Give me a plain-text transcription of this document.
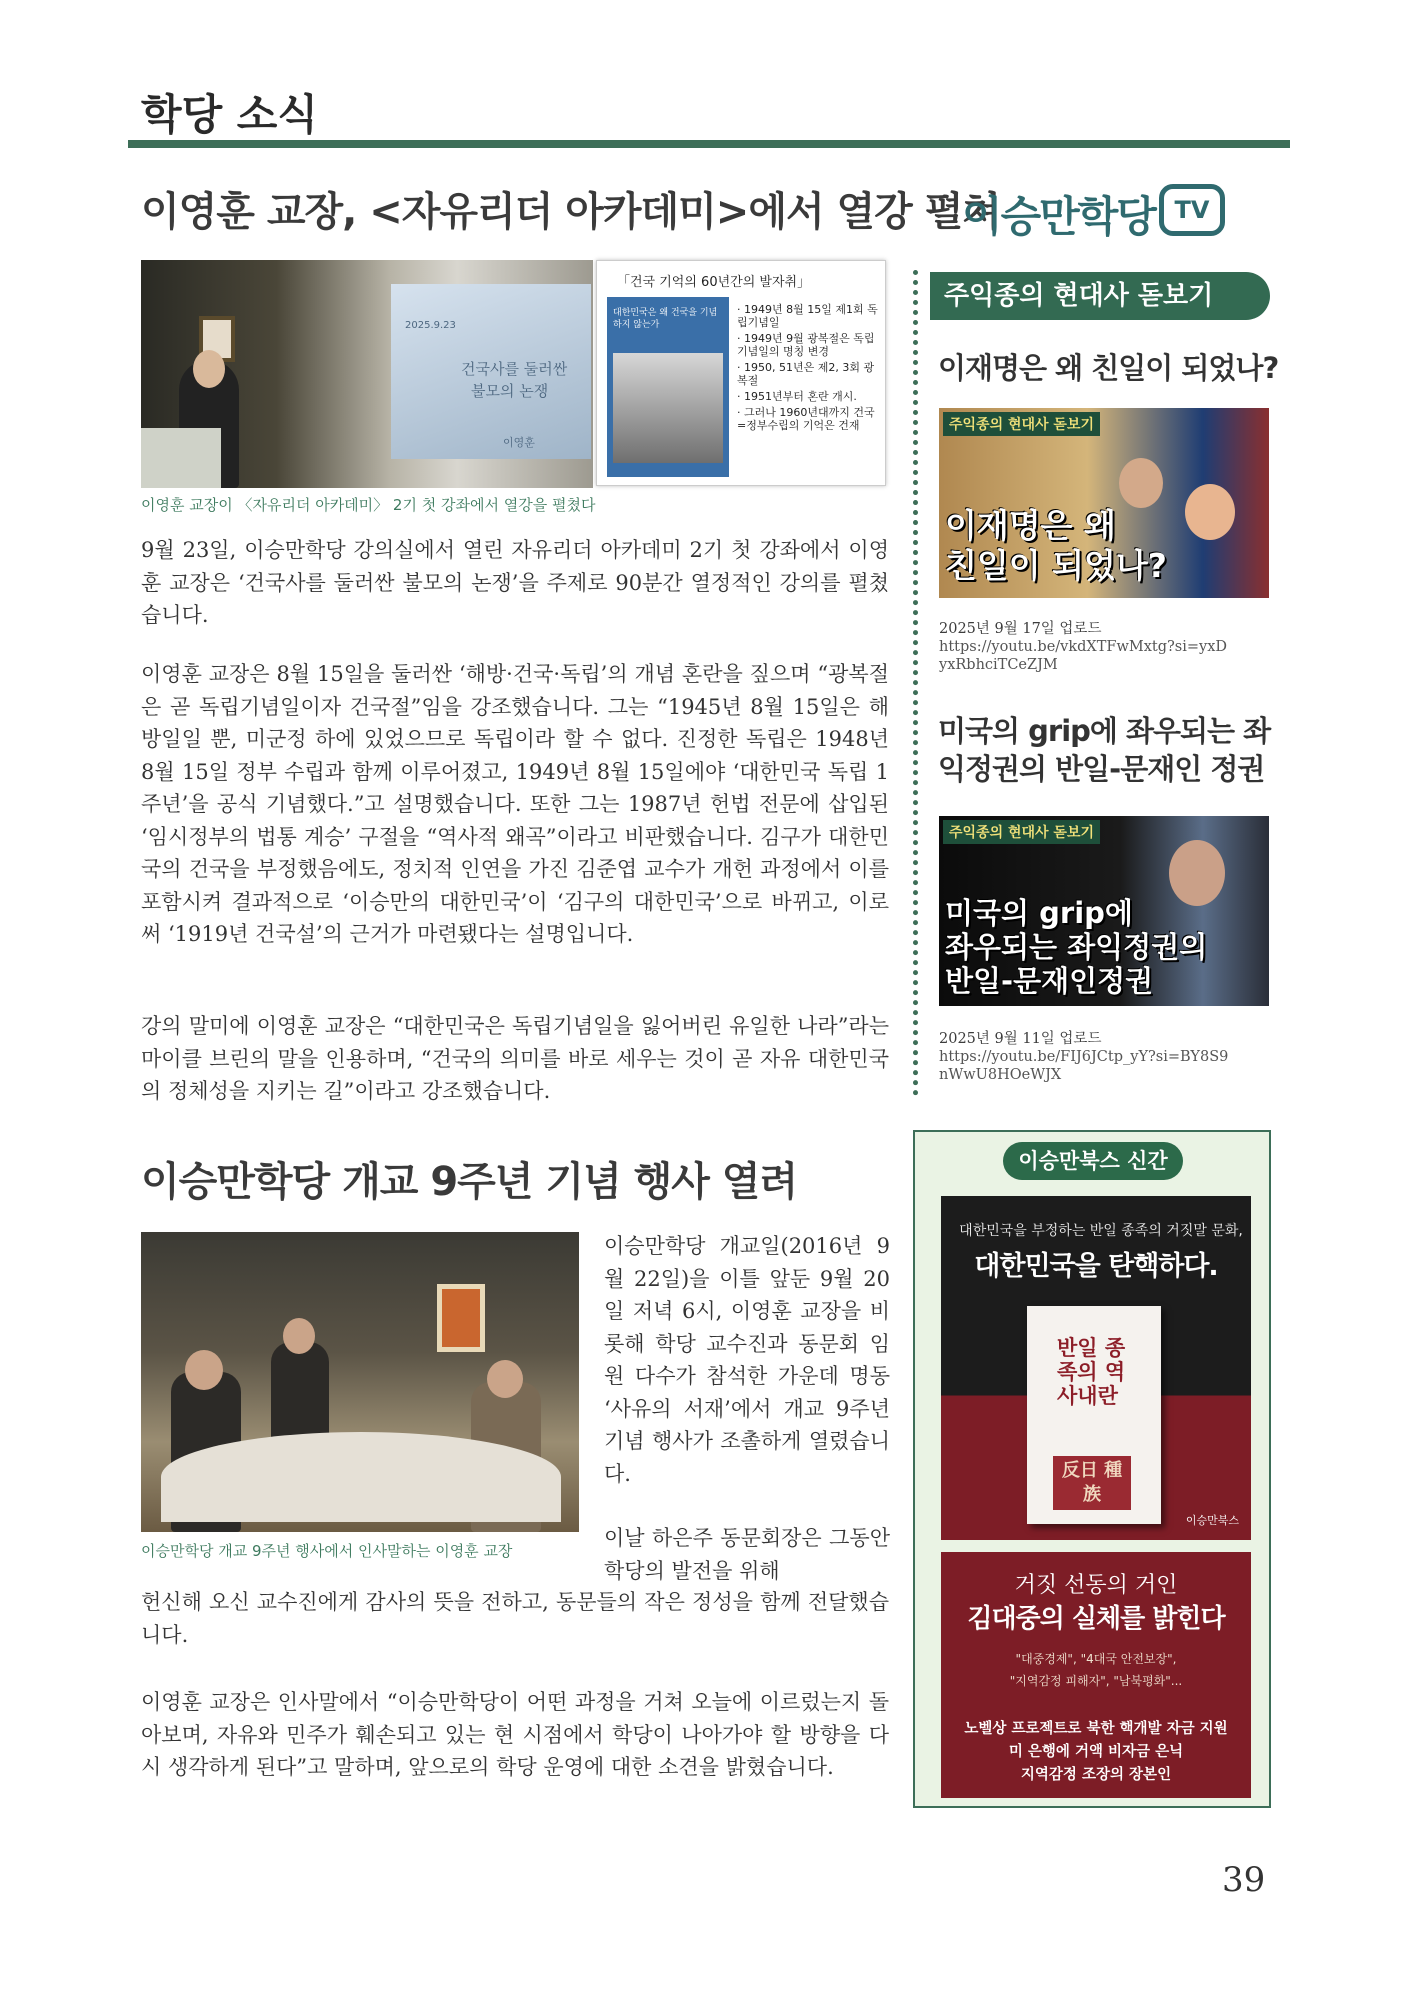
학당 소식
이영훈 교장, <자유리더 아카데미>에서 열강 펼쳐
2025.9.23
건국사를 둘러싼
불모의 논쟁
이영훈
「건국 기억의 60년간의 발자취」
대한민국은 왜 건국을 기념하지 않는가
· 1949년 8월 15일 제1회 독립기념일
· 1949년 9월 광복절은 독립기념일의 명칭 변경
· 1950, 51년은 제2, 3회 광복절
· 1951년부터 혼란 개시.
· 그러나 1960년대까지 건국=정부수립의 기억은 건재
이영훈 교장이 〈자유리더 아카데미〉 2기 첫 강좌에서 열강을 펼쳤다
9월 23일, 이승만학당 강의실에서 열린 자유리더 아카데미 2기 첫 강좌에서 이영훈 교장은 ‘건국사를 둘러싼 불모의 논쟁’을 주제로 90분간 열정적인 강의를 펼쳤습니다.
이영훈 교장은 8월 15일을 둘러싼 ‘해방·건국·독립’의 개념 혼란을 짚으며 “광복절은 곧 독립기념일이자 건국절”임을 강조했습니다. 그는 “1945년 8월 15일은 해방일일 뿐, 미군정 하에 있었으므로 독립이라 할 수 없다. 진정한 독립은 1948년 8월 15일 정부 수립과 함께 이루어졌고, 1949년 8월 15일에야 ‘대한민국 독립 1주년’을 공식 기념했다.”고 설명했습니다. 또한 그는 1987년 헌법 전문에 삽입된 ‘임시정부의 법통 계승’ 구절을 “역사적 왜곡”이라고 비판했습니다. 김구가 대한민국의 건국을 부정했음에도, 정치적 인연을 가진 김준엽 교수가 개헌 과정에서 이를 포함시켜 결과적으로 ‘이승만의 대한민국’이 ‘김구의 대한민국’으로 바뀌고, 이로써 ‘1919년 건국설’의 근거가 마련됐다는 설명입니다.
강의 말미에 이영훈 교장은 “대한민국은 독립기념일을 잃어버린 유일한 나라”라는 마이클 브린의 말을 인용하며, “건국의 의미를 바로 세우는 것이 곧 자유 대한민국의 정체성을 지키는 길”이라고 강조했습니다.
이승만학당 개교 9주년 기념 행사 열려
이승만학당 개교 9주년 행사에서 인사말하는 이영훈 교장
이승만학당 개교일(2016년 9월 22일)을 이틀 앞둔 9월 20일 저녁 6시, 이영훈 교장을 비롯해 학당 교수진과 동문회 임원 다수가 참석한 가운데 명동 ‘사유의 서재’에서 개교 9주년 기념 행사가 조촐하게 열렸습니다.
이날 하은주 동문회장은 그동안 학당의 발전을 위해
헌신해 오신 교수진에게 감사의 뜻을 전하고, 동문들의 작은 정성을 함께 전달했습니다.
이영훈 교장은 인사말에서 “이승만학당이 어떤 과정을 거쳐 오늘에 이르렀는지 돌아보며, 자유와 민주가 훼손되고 있는 현 시점에서 학당이 나아가야 할 방향을 다시 생각하게 된다”고 말하며, 앞으로의 학당 운영에 대한 소견을 밝혔습니다.
이승만학당 TV
주익종의 현대사 돋보기
이재명은 왜 친일이 되었나?
주익종의 현대사 돋보기
이재명은 왜
친일이 되었나?
2025년 9월 17일 업로드
https://youtu.be/vkdXTFwMxtg?si=yxDyxRbhciTCeZJM
미국의 grip에 좌우되는 좌익정권의 반일-문재인 정권
주익종의 현대사 돋보기
미국의 grip에
좌우되는 좌익정권의
반일-문재인정권
2025년 9월 11일 업로드
https://youtu.be/FIJ6JCtp_yY?si=BY8S9nWwU8HOeWJX
이승만북스 신간
대한민국을 부정하는 반일 종족의 거짓말 문화,
대한민국을 탄핵하다.
반일 종족의 역사내란
反日 種族
이승만북스
거짓 선동의 거인
김대중의 실체를 밝힌다
"대중경제", "4대국 안전보장",
"지역감정 피해자", "남북평화"...
노벨상 프로젝트로 북한 핵개발 자금 지원
미 은행에 거액 비자금 은닉
지역감정 조장의 장본인
39
